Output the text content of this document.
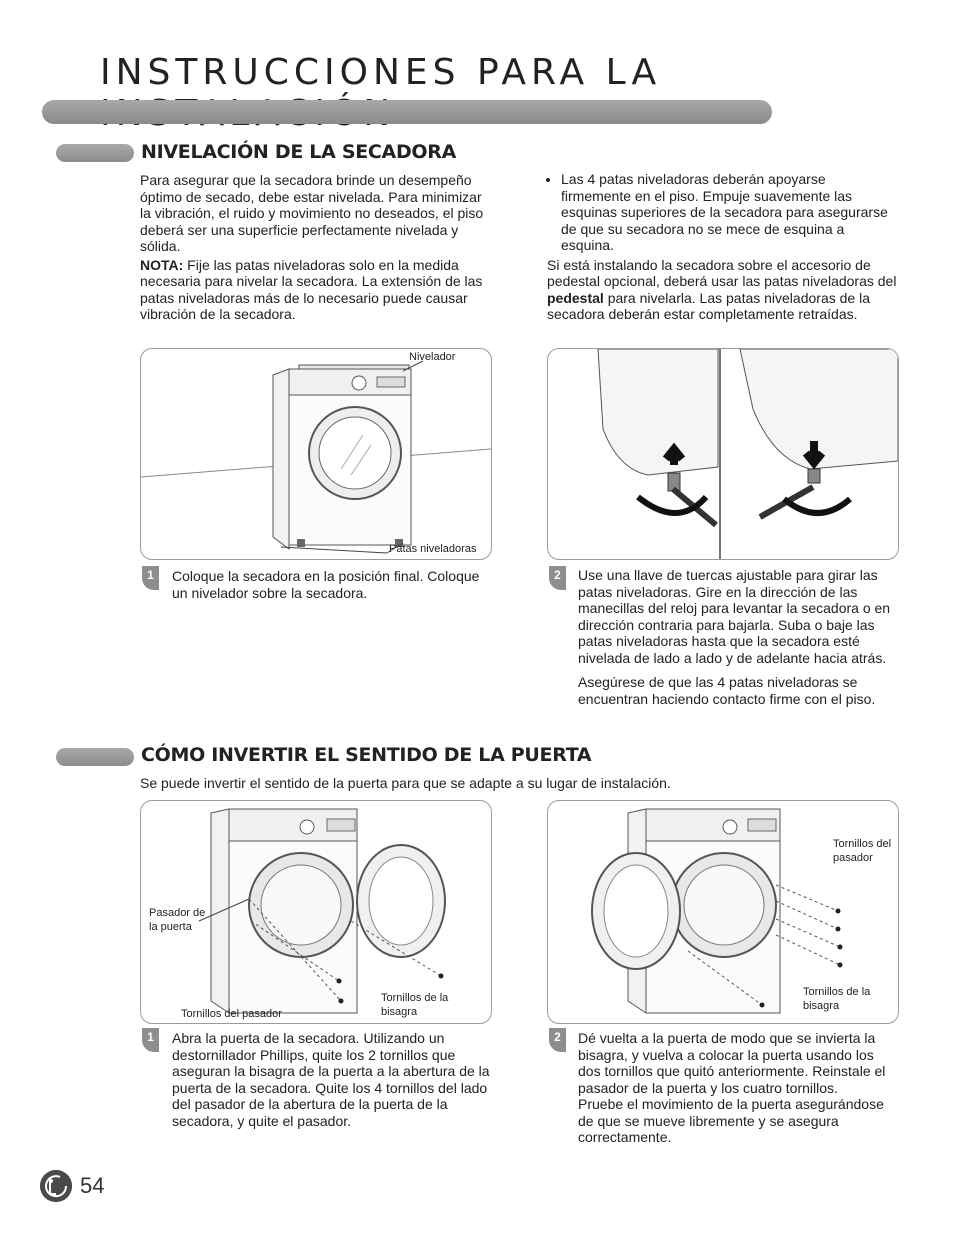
INSTRUCCIONES PARA LA
NIVELACIÓN DE LA SECADORA

Para asegurar que la secadora brinde un desempeño óptimo de secado, debe estar nivelada. Para minimizar la vibración, el ruido y movimiento no deseados, el piso deberá ser una superficie perfectamente nivelada y sólida.

NOTA: Fije las patas niveladoras solo en la medida necesaria para nivelar la secadora. La extensión de las patas niveladoras más de lo necesario puede causar vibración de la secadora.

• Las 4 patas niveladoras deberán apoyarse firmemente en el piso. Empuje suavemente las esquinas superiores de la secadora para asegurarse de que su secadora no se mece de esquina a esquina.

Si está instalando la secadora sobre el accesorio de pedestal opcional, deberá usar las patas niveladoras del pedestal para nivelarla. Las patas niveladoras de la secadora deberán estar completamente retraídas.

Nivelador
Patas niveladoras
1	Coloque la secadora en la posición final. Coloque un nivelador sobre la secadora.

2	Use una llave de tuercas ajustable para girar las patas niveladoras. Gire en la dirección de las manecillas del reloj para levantar la secadora o en dirección contraria para bajarla. Suba o baje las patas niveladoras hasta que la secadora esté nivelada de lado a lado y de adelante hacia atrás.

Asegúrese de que las 4 patas niveladoras se encuentran haciendo contacto firme con el piso.

CÓMO INVERTIR EL SENTIDO DE LA PUERTA

Se puede invertir el sentido de la puerta para que se adapte a su lugar de instalación.

Pasador de la puerta
Tornillos del pasador
Tornillos de la bisagra
Tornillos del pasador
Tornillos de la bisagra
1	Abra la puerta de la secadora. Utilizando un destornillador Phillips, quite los 2 tornillos que aseguran la bisagra de la puerta a la abertura de la puerta de la secadora. Quite los 4 tornillos del lado del pasador de la abertura de la puerta de la secadora, y quite el pasador.

2	Dé vuelta a la puerta de modo que se invierta la bisagra, y vuelva a colocar la puerta usando los dos tornillos que quitó anteriormente. Reinstale el pasador de la puerta y los cuatro tornillos.

Pruebe el movimiento de la puerta asegurándose de que se mueve libremente y se asegura correctamente.

54
